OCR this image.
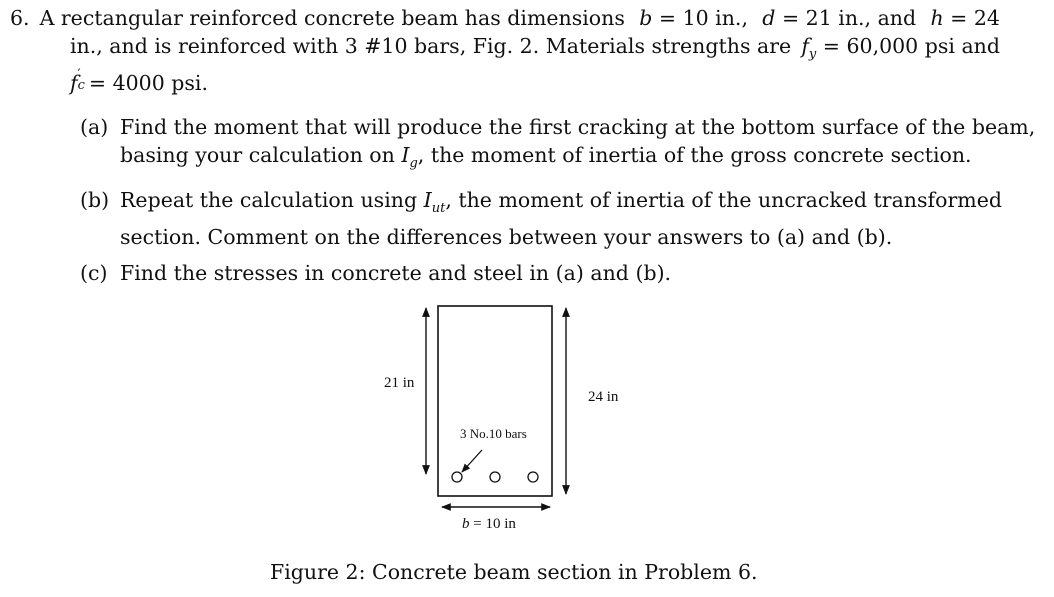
6. A rectangular reinforced concrete beam has dimensions b = 10 in., d = 21 in., and h = 24
in., and is reinforced with 3 #10 bars, Fig. 2. Materials strengths are $f_y = 60,000$ psi and
f ′
c = 4000 psi.
(a) Find the moment that will produce the first cracking at the bottom surface of the beam,
basing your calculation on $I_g$, the moment of inertia of the gross concrete section.
(b) Repeat the calculation using $I_{ut}$, the moment of inertia of the uncracked transformed
section. Comment on the differences between your answers to (a) and (b).
(c) Find the stresses in concrete and steel in (a) and (b).
21 in
24 in
3 No.10 bars
b = 10 in
Figure 2: Concrete beam section in Problem 6.
